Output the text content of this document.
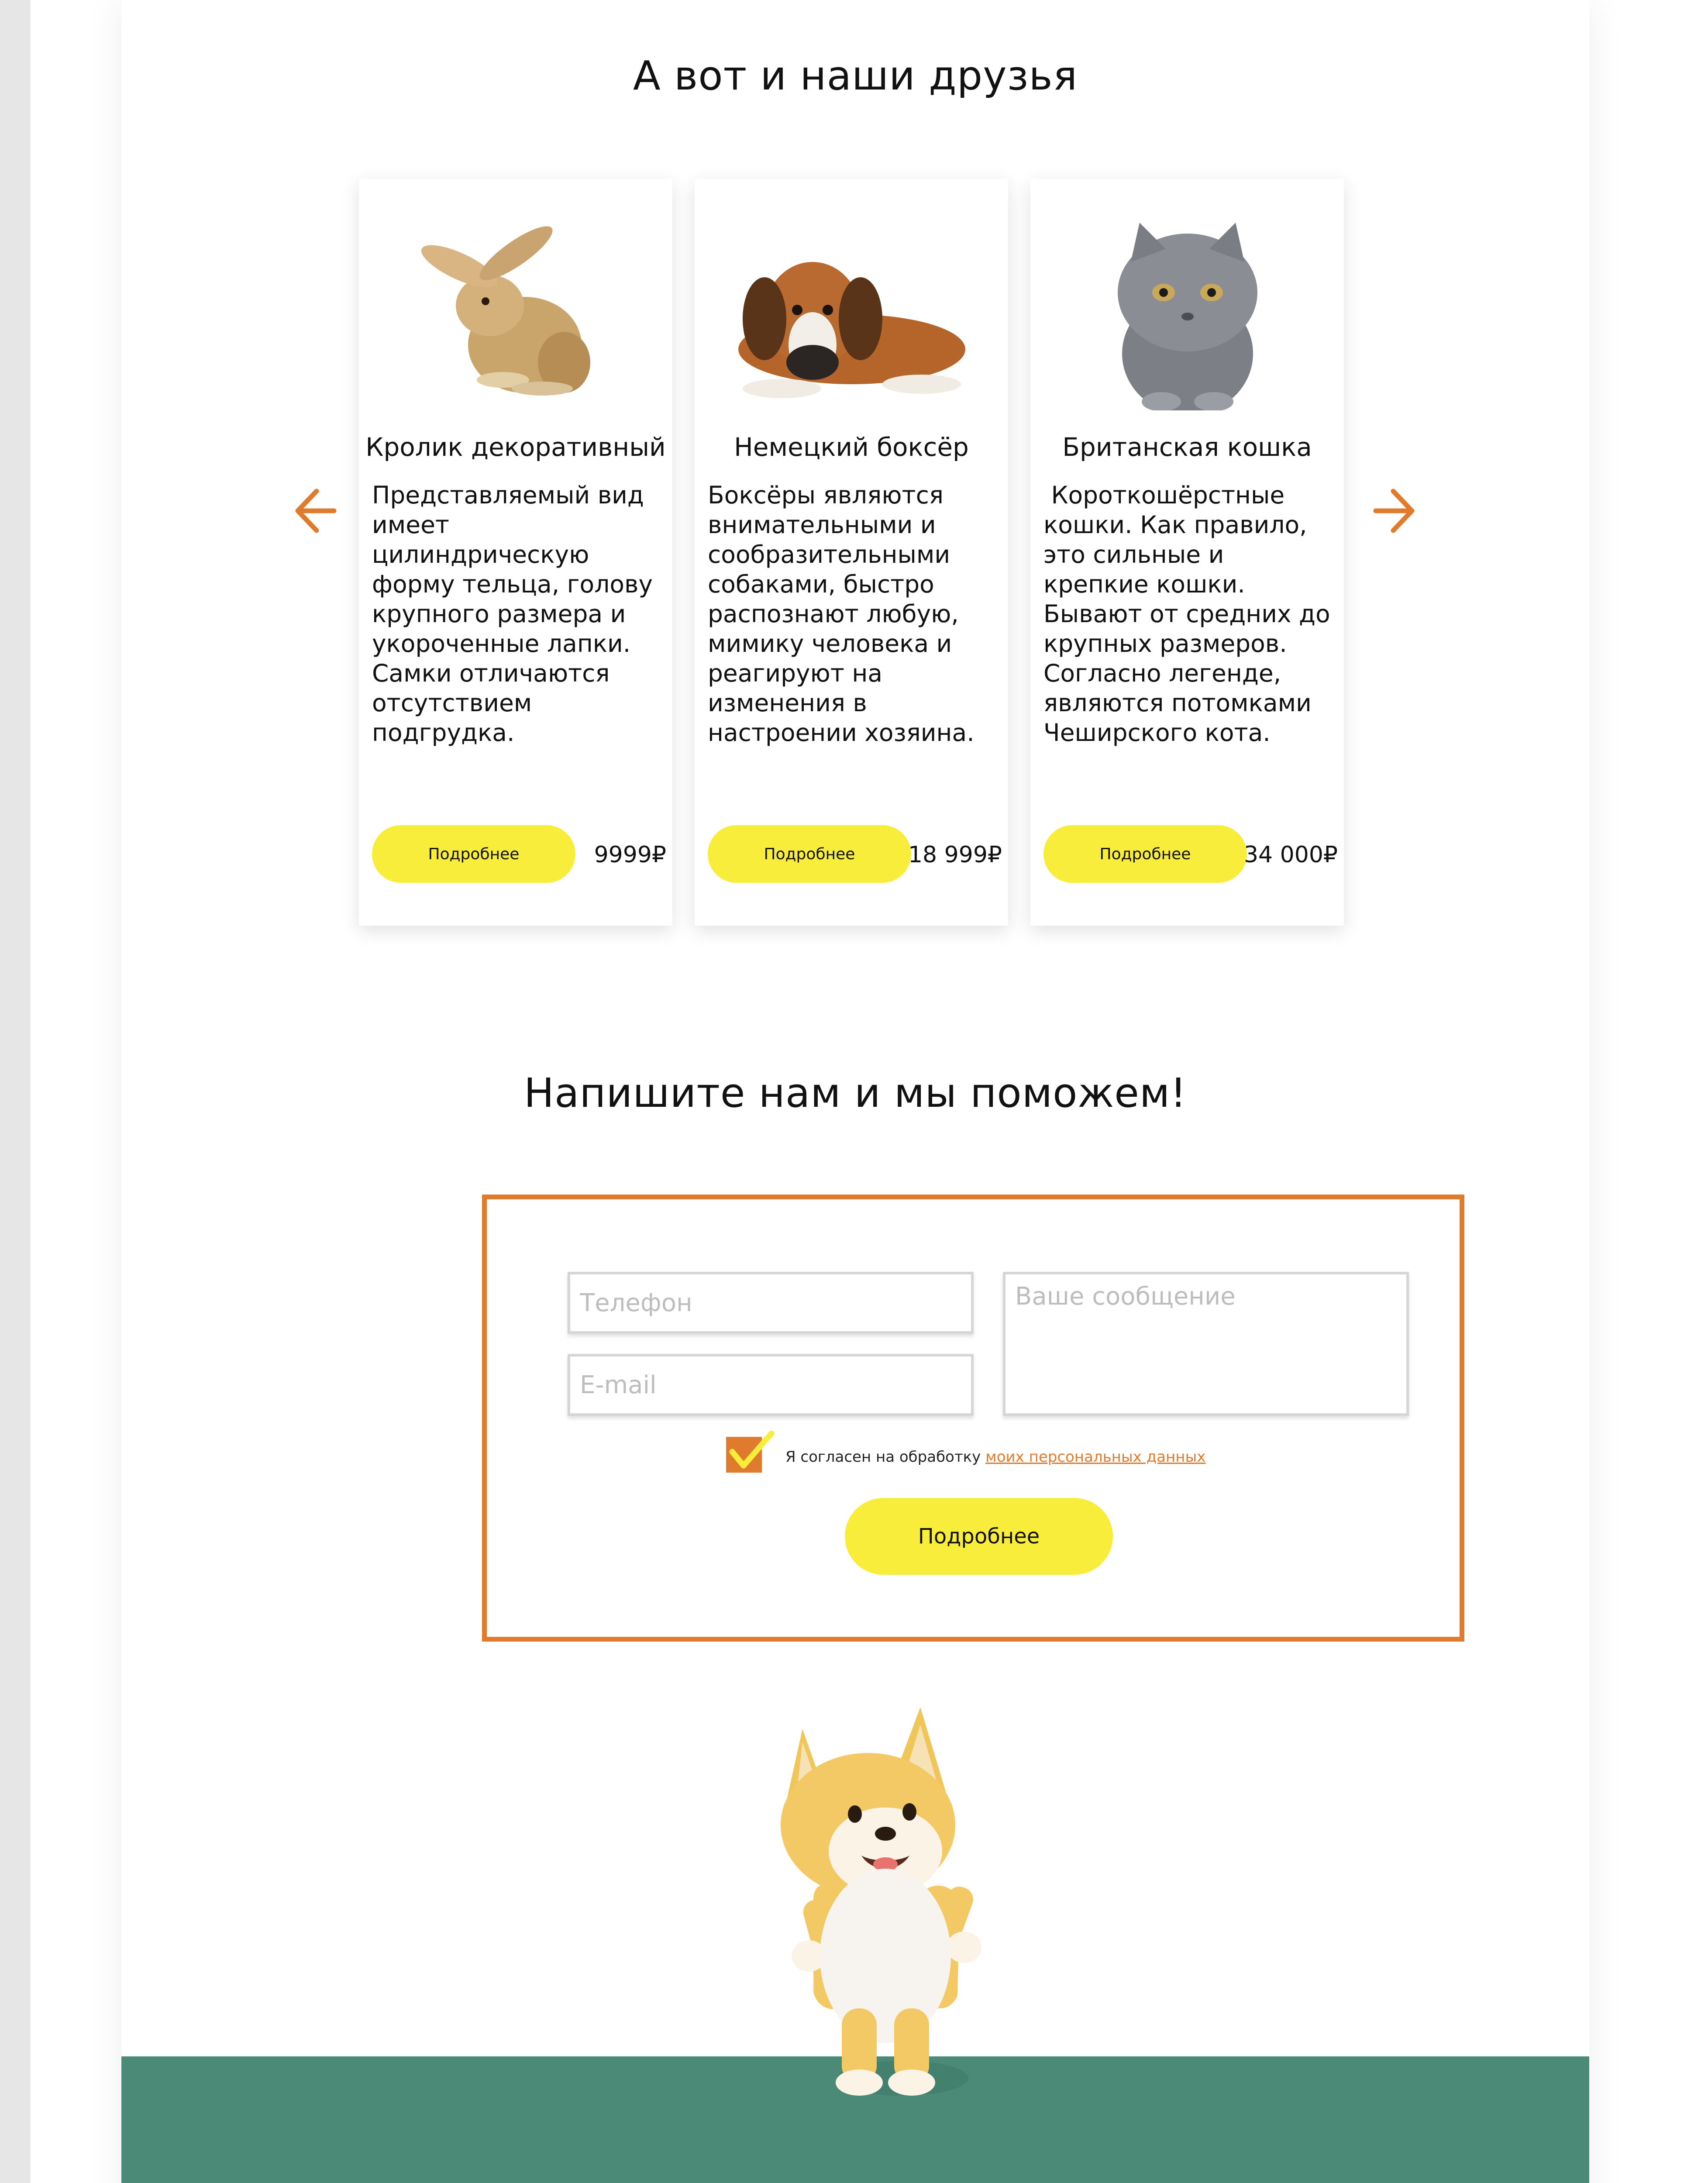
А вот и наши друзья
Кролик декоративный
Представляемый вид имеет цилиндрическую форму тельца, голову крупного размера и укороченные лапки. Самки отличаются отсутствием подгрудка.
Подробнее	9999₽
Немецкий боксёр
Боксёры являются внимательными и сообразительными собаками, быстро распознают любую, мимику человека и реагируют на изменения в настроении хозяина.
Подробнее	18 999₽
Британская кошка
Короткошёрстные кошки. Как правило, это сильные и крепкие кошки. Бывают от средних до крупных размеров. Согласно легенде, являются потомками Чеширского кота.
Подробнее	34 000₽
Напишите нам и мы поможем!
Телефон
E-mail
Ваше сообщение
Я согласен на обработку моих персональных данных
Подробнее
